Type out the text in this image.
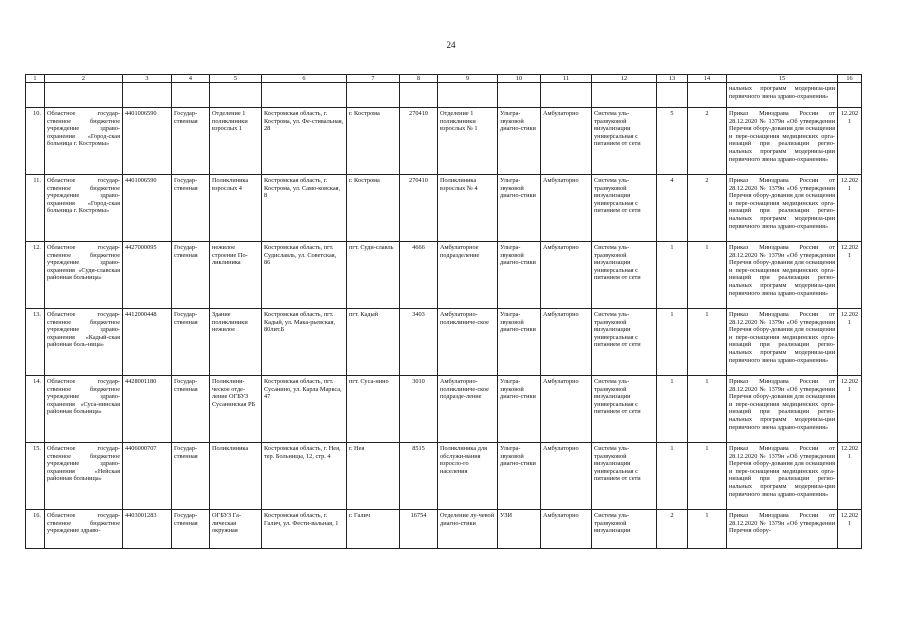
24
1	2	3	4	5	6	7	8	9	10	11	12	13	14	15	16
														нальных программ модерниза-ции первичного звена здраво-охранения»	
10.	Областное государ-ственное бюджетное учреждение здраво-охранения «Город-ская больница г. Костромы»	4401006590	Государ-ственная	Отделение 1 поликлиники взрослых 1	Костромская область, г. Кострома, ул. Фе-стивальная, 28	г. Кострома	270410	Отделение 1 поликлиники взрослых № 1	Ультра-звуковой диагно-стики	Амбулаторно	Система уль-тразвуковой визуализации универсальная с питанием от сети	5	2	Приказ Минздрава России от 28.12.2020 № 1379н «Об утверждении Перечня обору-дования для оснащения и пере-оснащения медицинских орга-низаций при реализации регио-нальных программ модерниза-ции первичного звена здраво-охранения»	12.2021
11.	Областное государ-ственное бюджетное учреждение здраво-охранения «Город-ская больница г. Костромы»	4401006590	Государ-ственная	Поликлиника взрослых 4	Костромская область, г. Кострома, ул. Само-ковская, 8	г. Кострома	270410	Поликлиника взрослых № 4	Ультра-звуковой диагно-стики	Амбулаторно	Система уль-тразвуковой визуализации универсальная с питанием от сети	4	2	Приказ Минздрава России от 28.12.2020 № 1379н «Об утверждении Перечня обору-дования для оснащения и пере-оснащения медицинских орга-низаций при реализации регио-нальных программ модерниза-ции первичного звена здраво-охранения»	12.2021
12.	Областное государ-ственное бюджетное учреждение здраво-охранения «Суди-славская районная больница»	4427000095	Государ-ственная	нежилое строение По-ликлиника	Костромская область, пгт. Судиславль, ул. Советская, 86	пгт. Суди-славль	4666	Амбулаторное подразделение	Ультра-звуковой диагно-стики	Амбулаторно	Система уль-тразвуковой визуализации универсальная с питанием от сети	1	1	Приказ Минздрава России от 28.12.2020 № 1379н «Об утверждении Перечня обору-дования для оснащения и пере-оснащения медицинских орга-низаций при реализации регио-нальных программ модерниза-ции первичного звена здраво-охранения»	12.2021
13.	Областное государ-ственное бюджетное учреждение здраво-охранения «Кадый-ская районная боль-ница»	4412000448	Государ-ственная	Здание поликлиники нежилое	Костромская область, пгт. Кадый, ул. Мака-рьевская, 80лит.Б	пгт. Кадый	3403	Амбулаторно-поликлиниче-ское	Ультра-звуковой диагно-стики	Амбулаторно	Система уль-тразвуковой визуализации универсальная с питанием от сети	1	1	Приказ Минздрава России от 28.12.2020 № 1379н «Об утверждении Перечня обору-дования для оснащения и пере-оснащения медицинских орга-низаций при реализации регио-нальных программ модерниза-ции первичного звена здраво-охранения»	12.2021
14.	Областное государ-ственное бюджетное учреждение здраво-охранения «Суса-нинская районная больница»	4428001180	Государ-ственная	Поликлини-ческое отде-ление ОГБУЗ Сусанинская РБ	Костромская область, пгт. Сусанино, ул. Карла Маркса, 47	пгт. Суса-нино	3010	Амбулаторно-поликлиниче-ское подразде-ление	Ультра-звуковой диагно-стики	Амбулаторно	Система уль-тразвуковой визуализации универсальная с питанием от сети	1	1	Приказ Минздрава России от 28.12.2020 № 1379н «Об утверждении Перечня обору-дования для оснащения и пере-оснащения медицинских орга-низаций при реализации регио-нальных программ модерниза-ции первичного звена здраво-охранения»	12.2021
15.	Областное государ-ственное бюджетное учреждение здраво-охранения «Нейская районная больница»	4406000707	Государ-ственная	Поликлиника	Костромская область, г. Нея, тер. Больницы, 12, стр. 4	г. Нея	8515	Поликлиника для обслужи-вания взросло-го населения	Ультра-звуковой диагно-стики	Амбулаторно	Система уль-тразвуковой визуализации универсальная с питанием от сети	1	1	Приказ Минздрава России от 28.12.2020 № 1379н «Об утверждении Перечня обору-дования для оснащения и пере-оснащения медицинских орга-низаций при реализации регио-нальных программ модерниза-ции первичного звена здраво-охранения»	12.2021
16.	Областное государ-ственное бюджетное учреждение здраво-	4403001283	Государ-ственная	ОГБУЗ Га-лическая окружная	Костромская область, г. Галич, ул. Фести-вальная, 1	г. Галич	16754	Отделение лу-чевой диагно-стики	УЗИ	Амбулаторно	Система уль-тразвуковой визуализации	2	1	Приказ Минздрава России от 28.12.2020 № 1379н «Об утверждении Перечня обору-	12.2021
